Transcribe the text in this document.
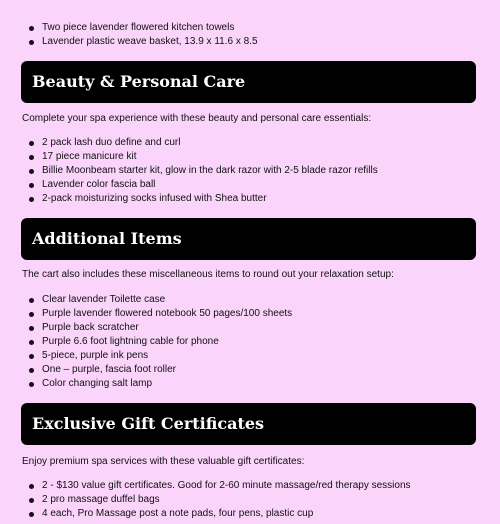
Two piece lavender flowered kitchen towels
Lavender plastic weave basket, 13.9 x 11.6 x 8.5
Beauty & Personal Care
Complete your spa experience with these beauty and personal care essentials:
2 pack lash duo define and curl
17 piece manicure kit
Billie Moonbeam starter kit, glow in the dark razor with 2-5 blade razor refills
Lavender color fascia ball
2-pack moisturizing socks infused with Shea butter
Additional Items
The cart also includes these miscellaneous items to round out your relaxation setup:
Clear lavender Toilette case
Purple lavender flowered notebook 50 pages/100 sheets
Purple back scratcher
Purple 6.6 foot lightning cable for phone
5-piece, purple ink pens
One – purple, fascia foot roller
Color changing salt lamp
Exclusive Gift Certificates
Enjoy premium spa services with these valuable gift certificates:
2 - $130 value gift certificates. Good for 2-60 minute massage/red therapy sessions
2 pro massage duffel bags
4 each, Pro Massage post a note pads, four pens, plastic cup
